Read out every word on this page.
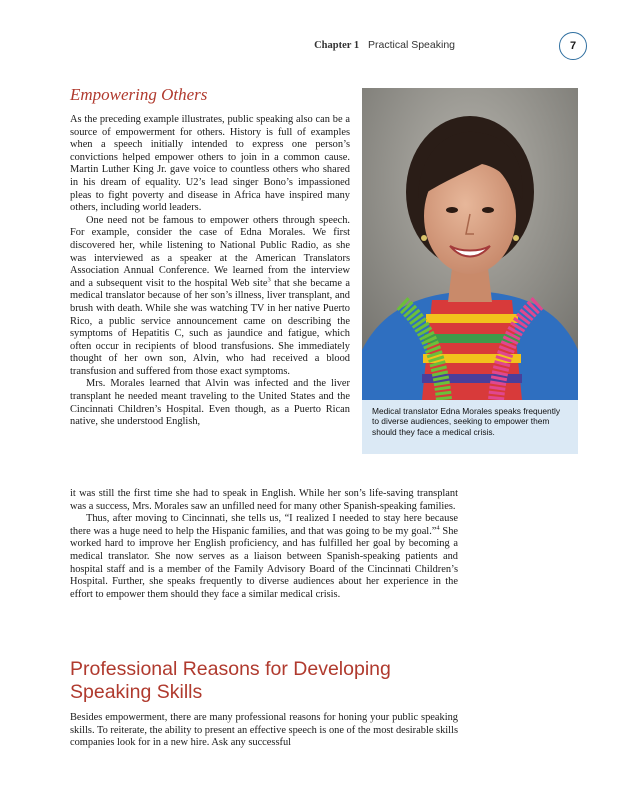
Chapter 1 Practical Speaking	7
Empowering Others

As the preceding example illustrates, public speaking also can be a source of empowerment for others. History is full of examples when a speech initially intended to express one person’s convictions helped empower others to join in a common cause. Martin Luther King Jr. gave voice to countless others who shared in his dream of equality. U2’s lead singer Bono’s impassioned pleas to fight poverty and disease in Africa have inspired many others, including world leaders.

One need not be famous to empower others through speech. For example, consider the case of Edna Morales. We first discovered her, while listening to National Public Radio, as she was interviewed as a speaker at the American Translators Association Annual Conference. We learned from the interview and a subsequent visit to the hospital Web site$^3$ that she became a medical translator because of her son’s illness, liver transplant, and brush with death. While she was watching TV in her native Puerto Rico, a public service announcement came on describing the symptoms of Hepatitis C, such as jaundice and fatigue, which often occur in recipients of blood transfusions. She immediately thought of her own son, Alvin, who had received a blood transfusion and suffered from those exact symptoms.

Mrs. Morales learned that Alvin was infected and the liver transplant he needed meant traveling to the United States and the Cincinnati Children’s Hospital. Even though, as a Puerto Rican native, she understood English,

Medical translator Edna Morales speaks frequently to diverse audiences, seeking to empower them should they face a medical crisis.

it was still the first time she had to speak in English. While her son’s life-saving transplant was a success, Mrs. Morales saw an unfilled need for many other Spanish-speaking families.

Thus, after moving to Cincinnati, she tells us, “I realized I needed to stay here because there was a huge need to help the Hispanic families, and that was going to be my goal.”$^4$ She worked hard to improve her English proficiency, and has fulfilled her goal by becoming a medical translator. She now serves as a liaison between Spanish-speaking patients and hospital staff and is a member of the Family Advisory Board of the Cincinnati Children’s Hospital. Further, she speaks frequently to diverse audiences about her experience in the effort to empower them should they face a similar medical crisis.

Professional Reasons for Developing Speaking Skills

Besides empowerment, there are many professional reasons for honing your public speaking skills. To reiterate, the ability to present an effective speech is one of the most desirable skills companies look for in a new hire. Ask any successful
